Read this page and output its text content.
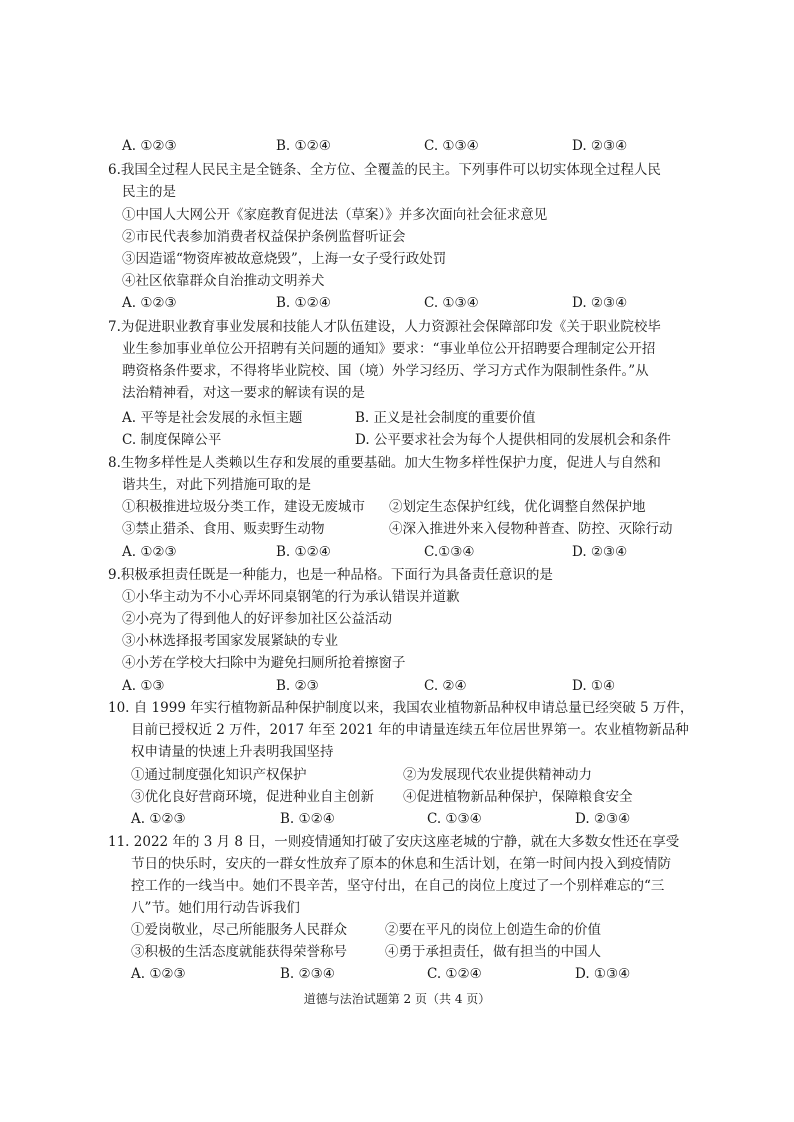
A. ①②③	B. ①②④	C. ①③④	D. ②③④
6.我国全过程人民民主是全链条、全方位、全覆盖的民主。下列事件可以切实体现全过程人民
民主的是
①中国人大网公开《家庭教育促进法（草案）》并多次面向社会征求意见
②市民代表参加消费者权益保护条例监督听证会
③因造谣“物资库被故意烧毁”，上海一女子受行政处罚
④社区依靠群众自治推动文明养犬
A. ①②③	B. ①②④	C. ①③④	D. ②③④
7.为促进职业教育事业发展和技能人才队伍建设，人力资源社会保障部印发《关于职业院校毕
业生参加事业单位公开招聘有关问题的通知》要求：“事业单位公开招聘要合理制定公开招
聘资格条件要求，不得将毕业院校、国（境）外学习经历、学习方式作为限制性条件。”从
法治精神看，对这一要求的解读有误的是
A. 平等是社会发展的永恒主题	B. 正义是社会制度的重要价值
C. 制度保障公平	D. 公平要求社会为每个人提供相同的发展机会和条件
8.生物多样性是人类赖以生存和发展的重要基础。加大生物多样性保护力度，促进人与自然和
谐共生，对此下列措施可取的是
①积极推进垃圾分类工作，建设无废城市 ②划定生态保护红线，优化调整自然保护地
③禁止猎杀、食用、贩卖野生动物	④深入推进外来入侵物种普查、防控、灭除行动
A. ①②③	B. ①②④	C.①③④	D. ②③④
9.积极承担责任既是一种能力，也是一种品格。下面行为具备责任意识的是
①小华主动为不小心弄坏同桌钢笔的行为承认错误并道歉
②小亮为了得到他人的好评参加社区公益活动
③小林选择报考国家发展紧缺的专业
④小芳在学校大扫除中为避免扫厕所抢着擦窗子
A. ①③	B. ②③	C. ②④	D. ①④
10. 自 1999 年实行植物新品种保护制度以来，我国农业植物新品种权申请总量已经突破 5 万件，
目前已授权近 2 万件，2017 年至 2021 年的申请量连续五年位居世界第一。农业植物新品种
权申请量的快速上升表明我国坚持
①通过制度强化知识产权保护	②为发展现代农业提供精神动力
③优化良好营商环境，促进种业自主创新 ④促进植物新品种保护，保障粮食安全
A. ①②③	B. ①②④	C. ①③④	D. ②③④
11. 2022 年的 3 月 8 日，一则疫情通知打破了安庆这座老城的宁静，就在大多数女性还在享受
节日的快乐时，安庆的一群女性放弃了原本的休息和生活计划，在第一时间内投入到疫情防
控工作的一线当中。她们不畏辛苦，坚守付出，在自己的岗位上度过了一个别样难忘的“三
八”节。她们用行动告诉我们
①爱岗敬业，尽己所能服务人民群众	②要在平凡的岗位上创造生命的价值
③积极的生活态度就能获得荣誉称号	④勇于承担责任，做有担当的中国人
A. ①②③	B. ②③④	C. ①②④	D. ①③④
道德与法治试题第 2 页（共 4 页）
